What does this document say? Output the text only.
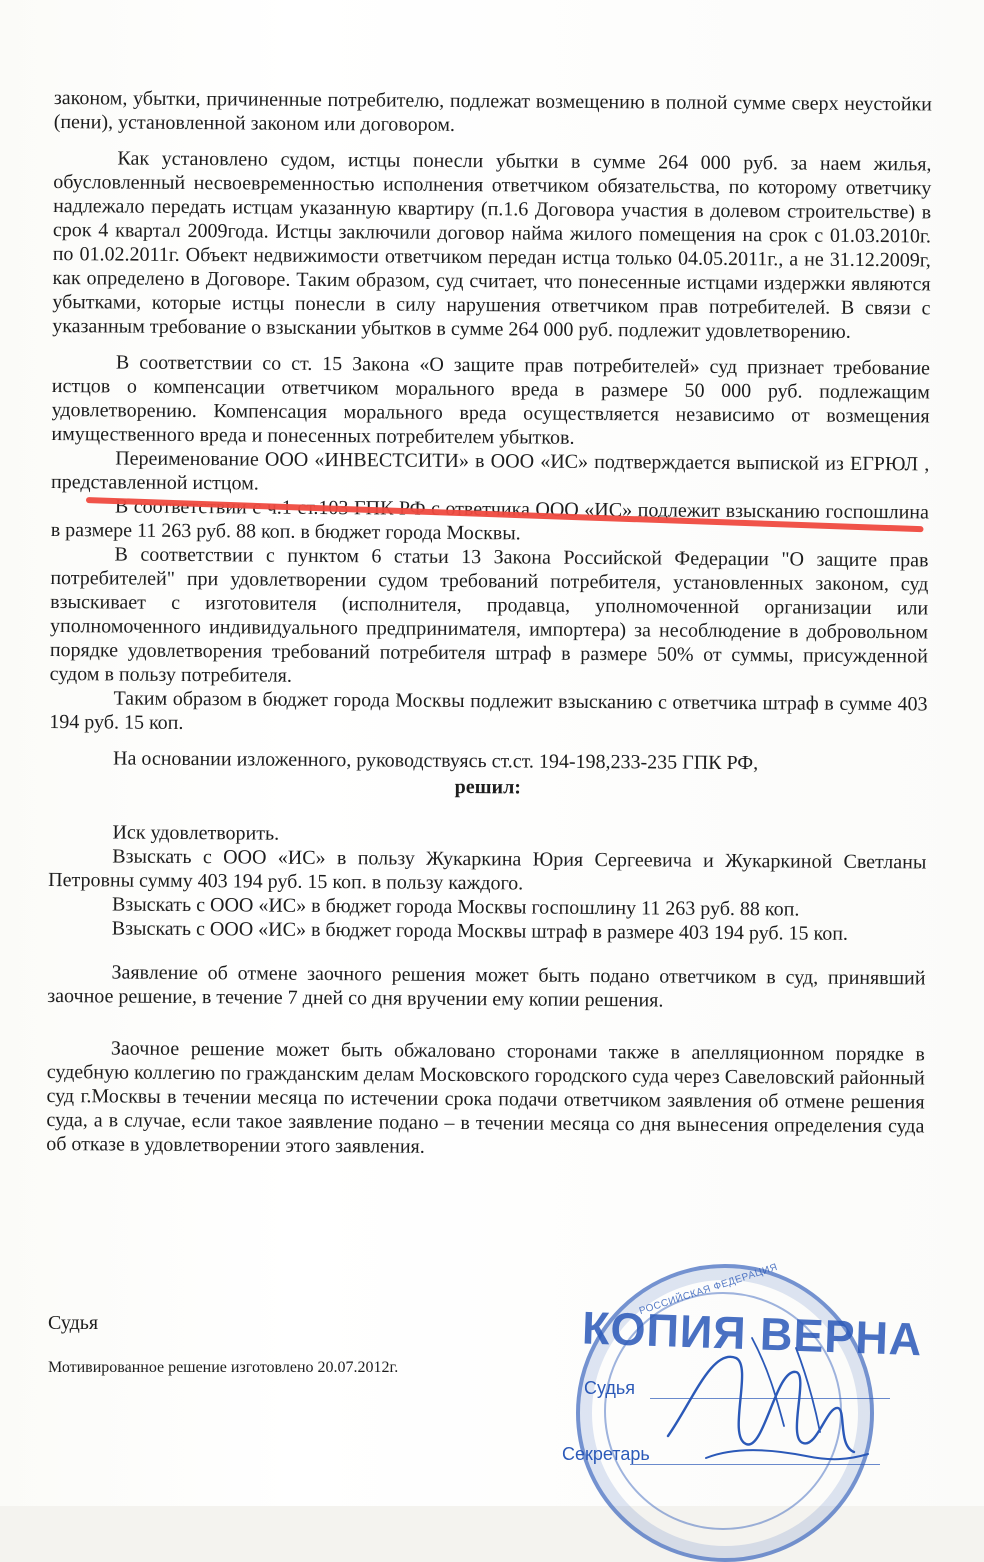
законом, убытки, причиненные потребителю, подлежат возмещению в полной сумме сверх неустойки (пени), установленной законом или договором.

Как установлено судом, истцы понесли убытки в сумме 264 000 руб. за наем жилья, обусловленный несвоевременностью исполнения ответчиком обязательства, по которому ответчику надлежало передать истцам указанную квартиру (п.1.6 Договора участия в долевом строительстве) в срок 4 квартал 2009года. Истцы заключили договор найма жилого помещения на срок с 01.03.2010г. по 01.02.2011г. Объект недвижимости ответчиком передан истца только 04.05.2011г., а не 31.12.2009г, как определено в Договоре. Таким образом, суд считает, что понесенные истцами издержки являются убытками, которые истцы понесли в силу нарушения ответчиком прав потребителей. В связи с указанным требование о взыскании убытков в сумме 264 000 руб. подлежит удовлетворению.

В соответствии со ст. 15 Закона «О защите прав потребителей» суд признает требование истцов о компенсации ответчиком морального вреда в размере 50 000 руб. подлежащим удовлетворению. Компенсация морального вреда осуществляется независимо от возмещения имущественного вреда и понесенных потребителем убытков.

Переименование ООО «ИНВЕСТСИТИ» в ООО «ИС» подтверждается выпиской из ЕГРЮЛ , представленной истцом.

В соответствии с ч.1 ст.103 ГПК РФ с ответчика ООО «ИС» подлежит взысканию госпошлина в размере 11 263 руб. 88 коп. в бюджет города Москвы.

В соответствии с пунктом 6 статьи 13 Закона Российской Федерации "О защите прав потребителей" при удовлетворении судом требований потребителя, установленных законом, суд взыскивает с изготовителя (исполнителя, продавца, уполномоченной организации или уполномоченного индивидуального предпринимателя, импортера) за несоблюдение в добровольном порядке удовлетворения требований потребителя штраф в размере 50% от суммы, присужденной судом в пользу потребителя.

Таким образом в бюджет города Москвы подлежит взысканию с ответчика штраф в сумме 403 194 руб. 15 коп.

На основании изложенного, руководствуясь ст.ст. 194-198,233-235 ГПК РФ,

решил:

Иск удовлетворить.

Взыскать с ООО «ИС» в пользу Жукаркина Юрия Сергеевича и Жукаркиной Светланы Петровны сумму 403 194 руб. 15 коп. в пользу каждого.

Взыскать с ООО «ИС» в бюджет города Москвы госпошлину 11 263 руб. 88 коп.

Взыскать с ООО «ИС» в бюджет города Москвы штраф в размере 403 194 руб. 15 коп.

Заявление об отмене заочного решения может быть подано ответчиком в суд, принявший заочное решение, в течение 7 дней со дня вручении ему копии решения.

Заочное решение может быть обжаловано сторонами также в апелляционном порядке в судебную коллегию по гражданским делам Московского городского суда через Савеловский районный суд г.Москвы в течении месяца по истечении срока подачи ответчиком заявления об отмене решения суда, а в случае, если такое заявление подано – в течении месяца со дня вынесения определения суда об отказе в удовлетворении этого заявления.

Судья
Мотивированное решение изготовлено 20.07.2012г.
РОССИЙСКАЯ ФЕДЕРАЦИЯ
КОПИЯ ВЕРНА
Судья
Секретарь
